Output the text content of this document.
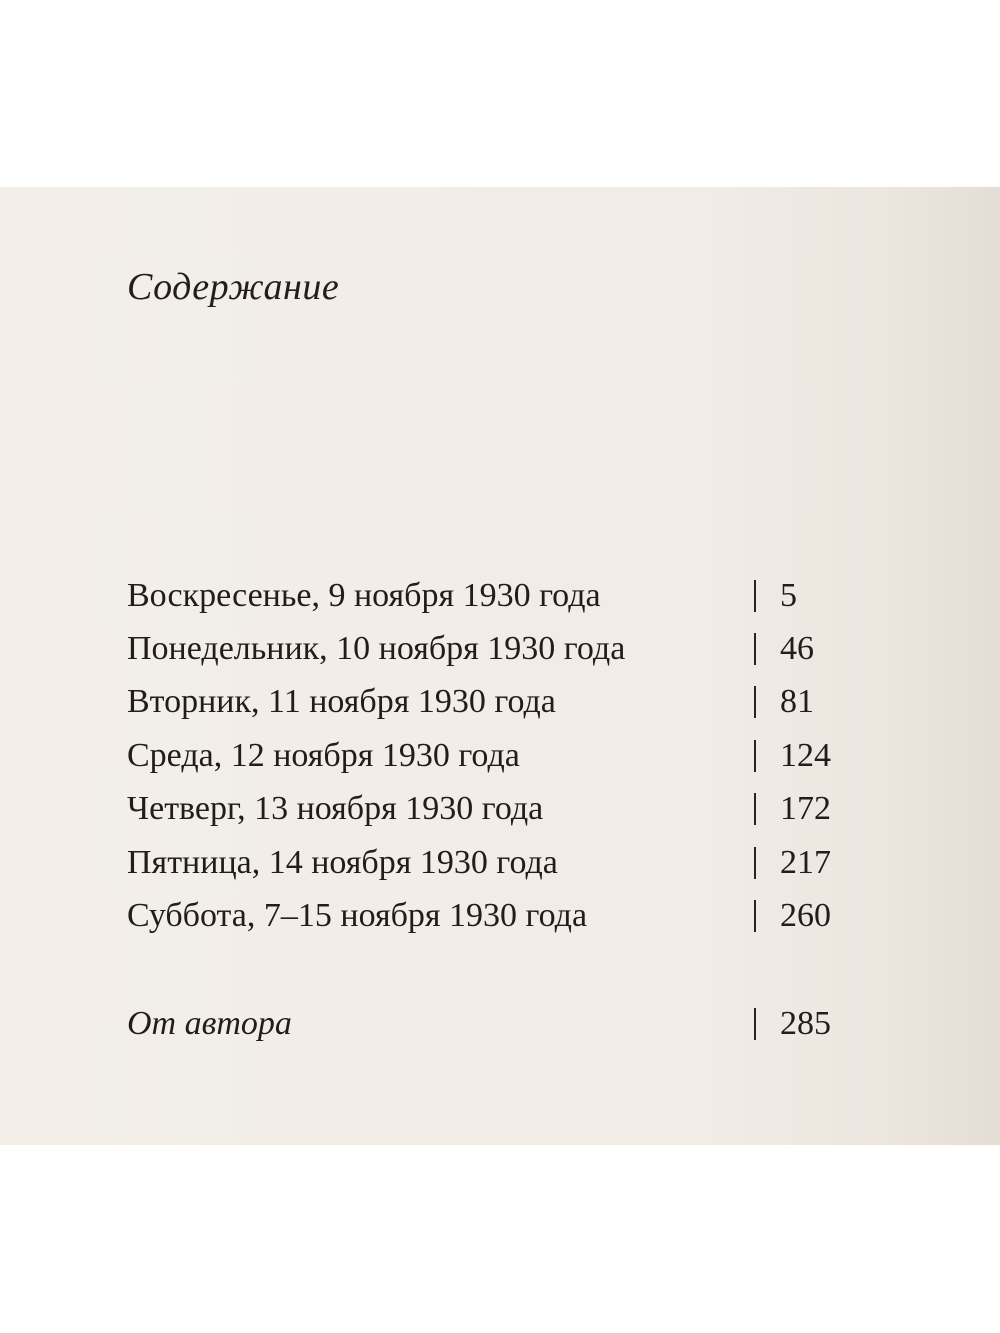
Содержание
Воскресенье, 9 ноября 1930 года	5
Понедельник, 10 ноября 1930 года	46
Вторник, 11 ноября 1930 года	81
Среда, 12 ноября 1930 года	124
Четверг, 13 ноября 1930 года	172
Пятница, 14 ноября 1930 года	217
Суббота, 7–15 ноября 1930 года	260
От автора	285
